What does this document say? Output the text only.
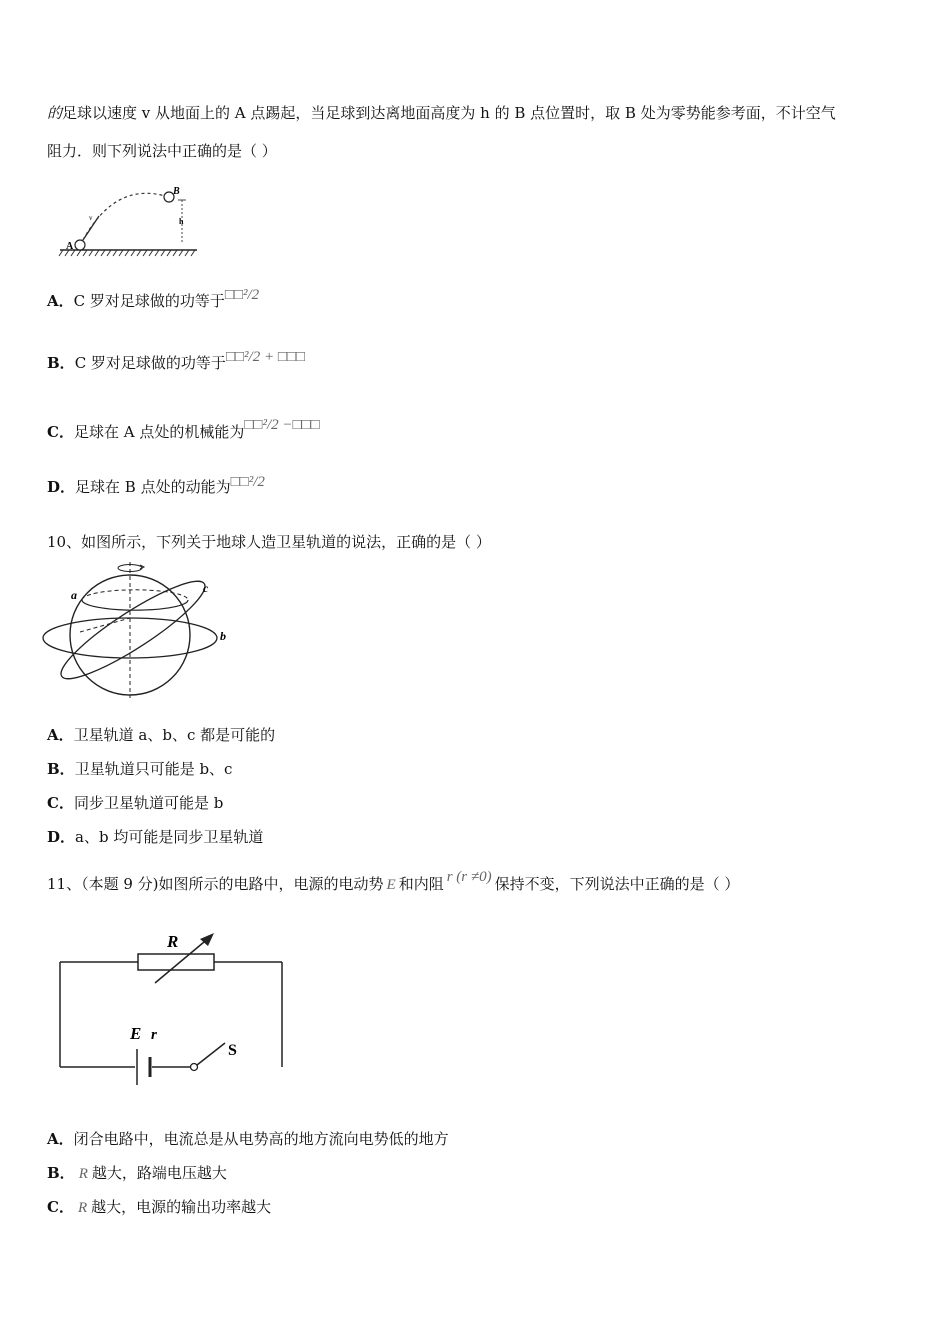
的足球以速度 v 从地面上的 A 点踢起，当足球到达离地面高度为 h 的 B 点位置时，取 B 处为零势能参考面，不计空气
阻力．则下列说法中正确的是（ ）
A
B
h
v
A．C 罗对足球做的功等于□□²/2
B．C 罗对足球做的功等于□□²/2 + □□□
C．足球在 A 点处的机械能为□□²/2 −□□□
D．足球在 B 点处的动能为□□²/2
10、如图所示，下列关于地球人造卫星轨道的说法，正确的是（ ）
a
b
c
A．卫星轨道 a、b、c 都是可能的
B．卫星轨道只可能是 b、c
C．同步卫星轨道可能是 b
D．a、b 均可能是同步卫星轨道
11、（本题 9 分)如图所示的电路中，电源的电动势 E 和内阻 r (r ≠0) 保持不变，下列说法中正确的是（ ）
R
E r
S
A．闭合电路中，电流总是从电势高的地方流向电势低的地方
B． R 越大，路端电压越大
C． R 越大，电源的输出功率越大
